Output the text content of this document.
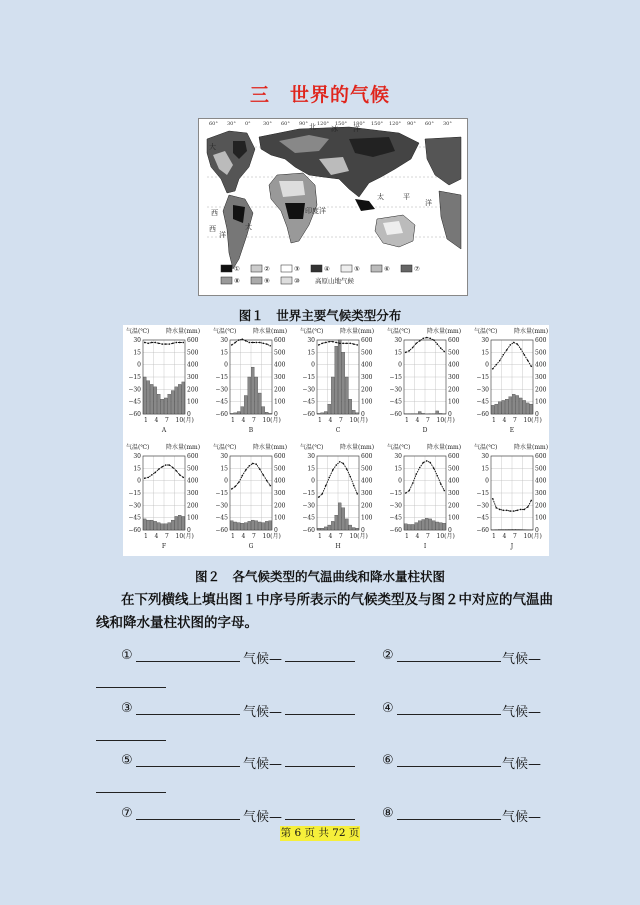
三　世界的气候
60° 30° 0° 30° 60° 90° 120° 150° 180° 150° 120° 90° 60° 30°
北 冰 洋
大
太	平
洋
印度洋
西
洋
大
西
①	②	③	④	⑤	⑥	⑦
⑧	⑨	⑩ 高原山地气候
图１　世界主要气候类型分布
气温(℃)	降水量(mm)
30	600
15	500
0	400
−15	300
−30	200
−45	100
−60	0
1 4 7 10(月)
A
气温(℃)	降水量(mm)
30	600
15	500
0	400
−15	300
−30	200
−45	100
−60	0
1 4 7 10(月)
B
气温(℃)	降水量(mm)
30	600
15	500
0	400
−15	300
−30	200
−45	100
−60	0
1 4 7 10(月)
C
气温(℃)	降水量(mm)
30	600
15	500
0	400
−15	300
−30	200
−45	100
−60	0
1 4 7 10(月)
D
气温(℃)	降水量(mm)
30	600
15	500
0	400
−15	300
−30	200
−45	100
−60	0
1 4 7 10(月)
E
气温(℃)	降水量(mm)
30	600
15	500
0	400
−15	300
−30	200
−45	100
−60	0
1 4 7 10(月)
F
气温(℃)	降水量(mm)
30	600
15	500
0	400
−15	300
−30	200
−45	100
−60	0
1 4 7 10(月)
G
气温(℃)	降水量(mm)
30	600
15	500
0	400
−15	300
−30	200
−45	100
−60	0
1 4 7 10(月)
H
气温(℃)	降水量(mm)
30	600
15	500
0	400
−15	300
−30	200
−45	100
−60	0
1 4 7 10(月)
I
气温(℃)	降水量(mm)
30	600
15	500
0	400
−15	300
−30	200
−45	100
−60	0
1 4 7 10(月)
J
图２　各气候类型的气温曲线和降水量柱状图
在下列横线上填出图１中序号所表示的气候类型及与图２中对应的气温曲
线和降水量柱状图的字母。
①	气候—	②	气候—
③	气候—	④	气候—
⑤	气候—	⑥	气候—
⑦	气候—	⑧	气候—
第 6 页 共 72 页
